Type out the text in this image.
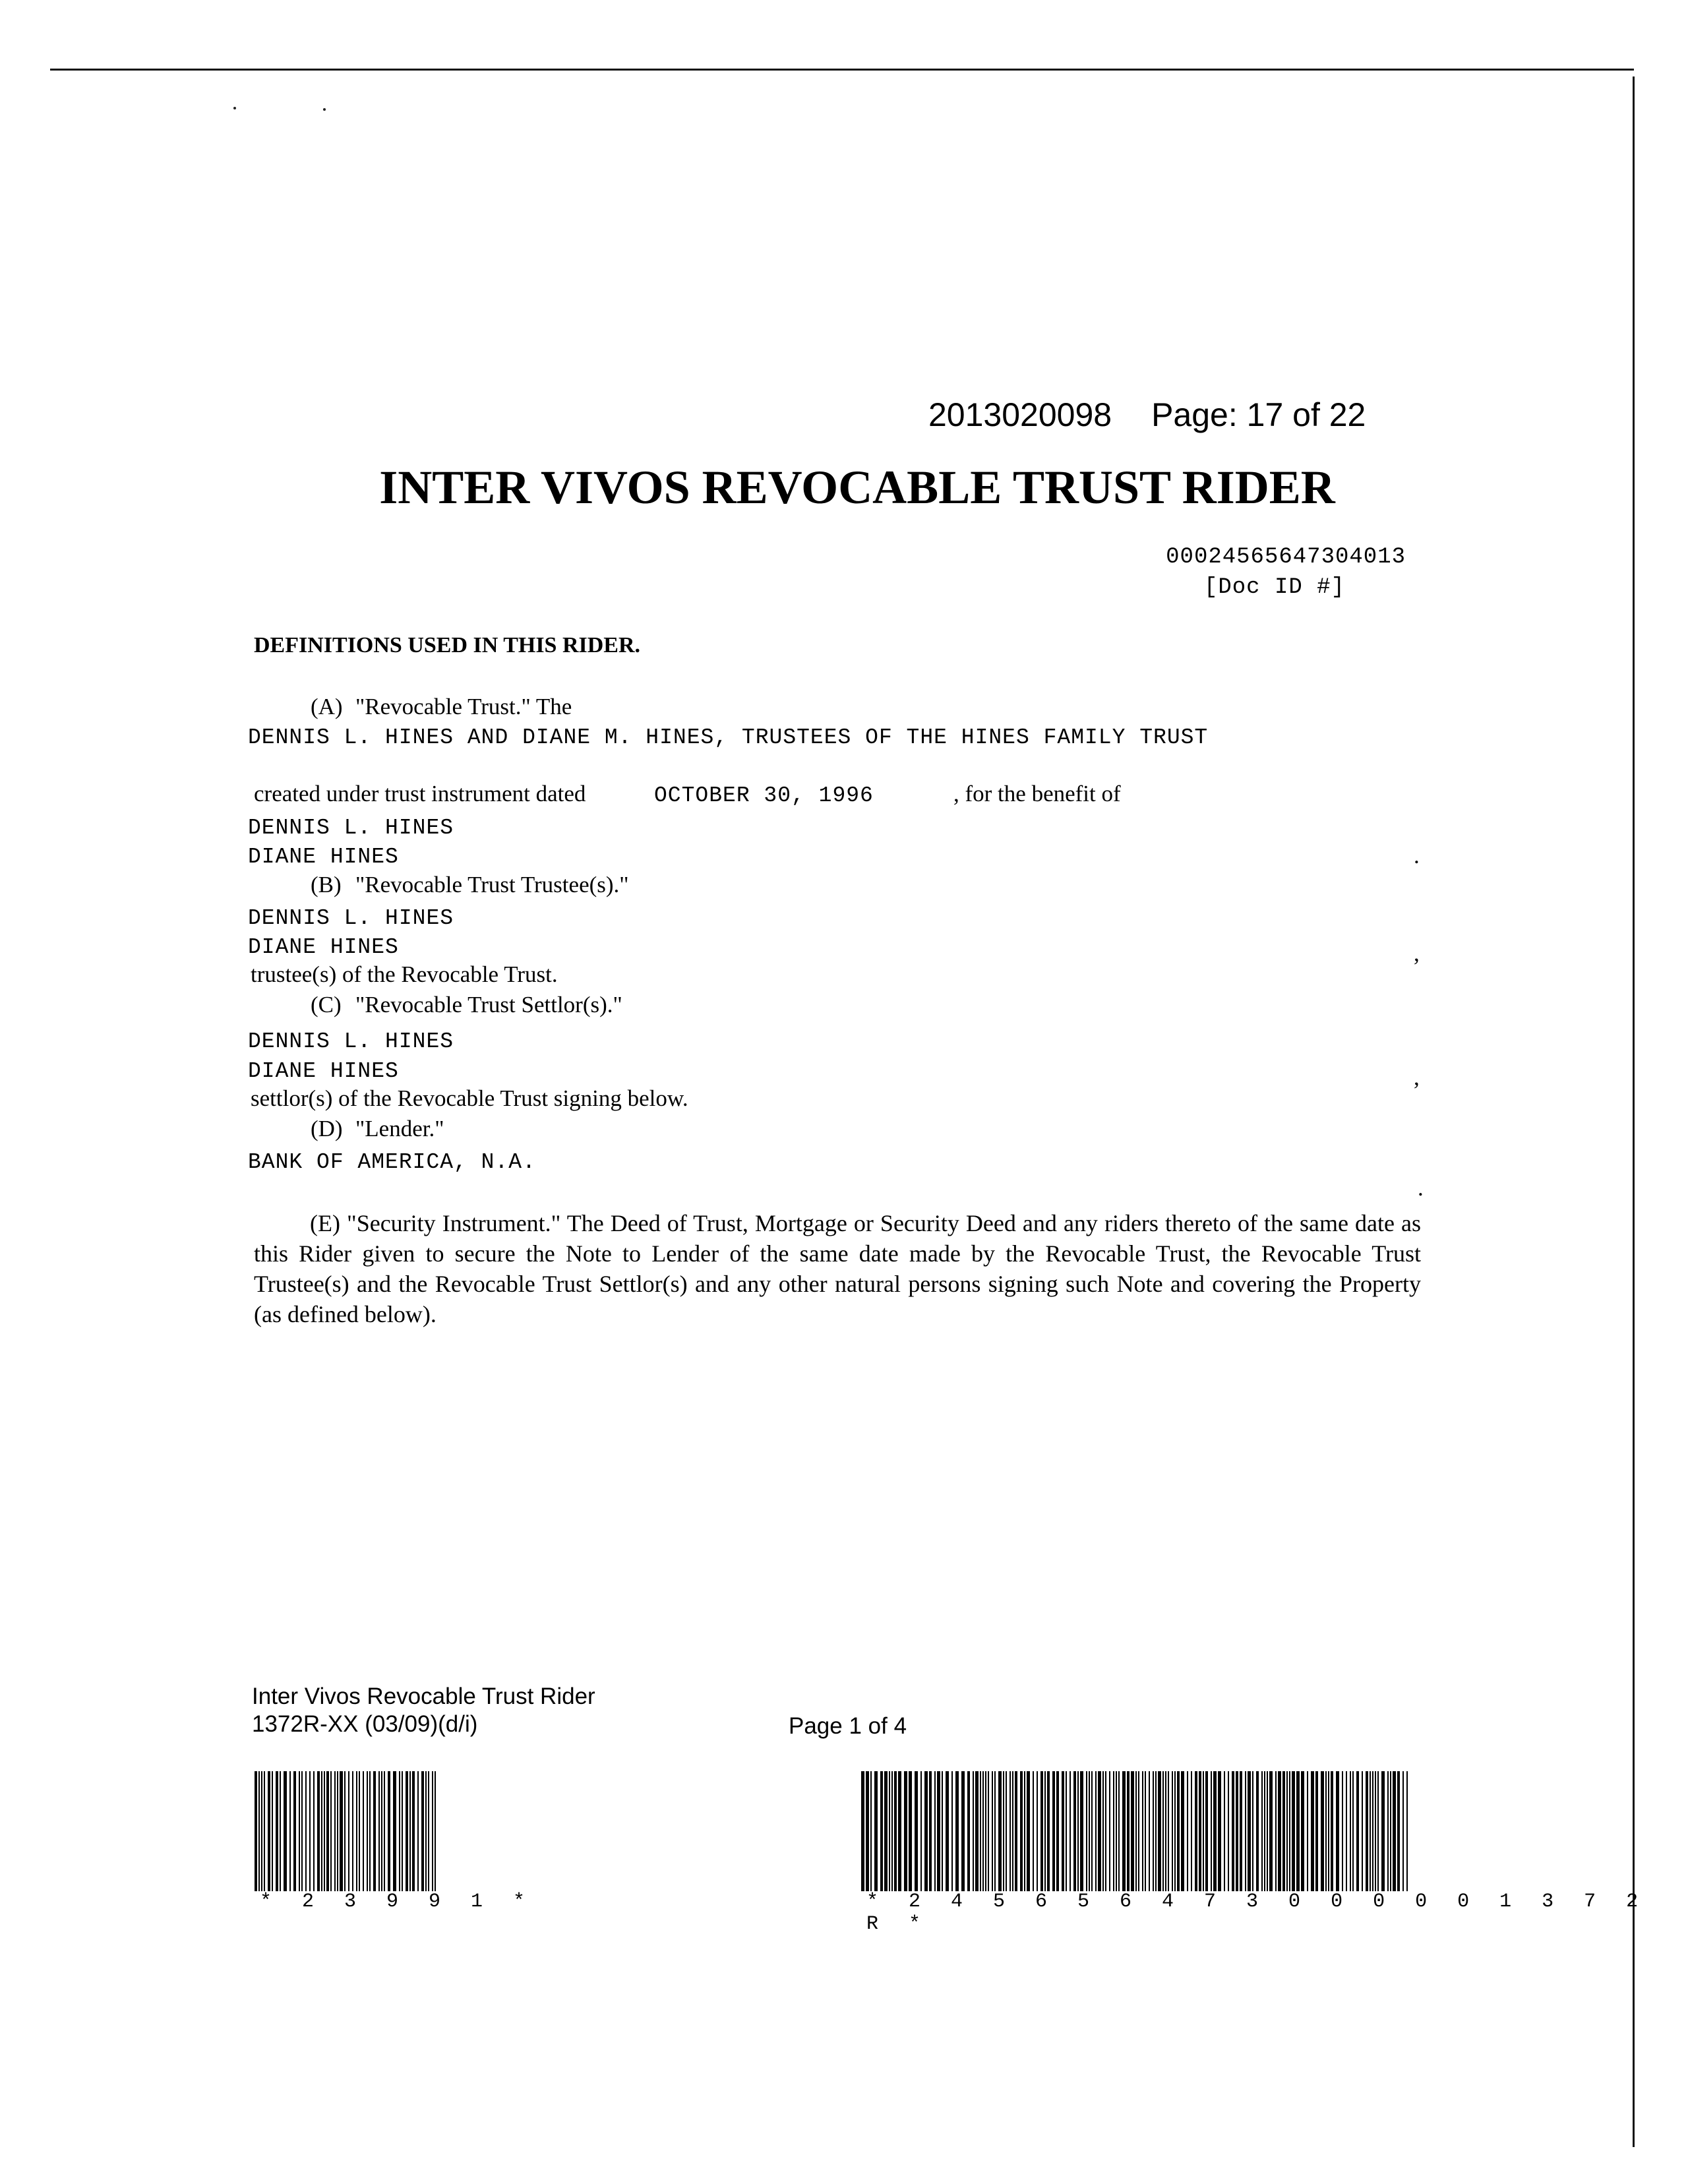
2013020098 Page: 17 of 22
INTER VIVOS REVOCABLE TRUST RIDER
00024565647304013
[Doc ID #]
DEFINITIONS USED IN THIS RIDER.
(A) "Revocable Trust." The
DENNIS L. HINES AND DIANE M. HINES, TRUSTEES OF THE HINES FAMILY TRUST
created under trust instrument dated	OCTOBER 30, 1996	, for the benefit of
DENNIS L. HINES
DIANE HINES	.
(B) "Revocable Trust Trustee(s)."
DENNIS L. HINES
DIANE HINES	,
trustee(s) of the Revocable Trust.
(C) "Revocable Trust Settlor(s)."
DENNIS L. HINES
DIANE HINES	,
settlor(s) of the Revocable Trust signing below.
(D) "Lender."
BANK OF AMERICA, N.A.
.
(E) "Security Instrument." The Deed of Trust, Mortgage or Security Deed and any riders thereto of the same date as this Rider given to secure the Note to Lender of the same date made by the Revocable Trust, the Revocable Trust Trustee(s) and the Revocable Trust Settlor(s) and any other natural persons signing such Note and covering the Property (as defined below).
Inter Vivos Revocable Trust Rider
1372R-XX (03/09)(d/i)	Page 1 of 4
* 2 3 9 9 1 *	* 2 4 5 6 5 6 4 7 3 0 0 0 0 0 1 3 7 2 R *
